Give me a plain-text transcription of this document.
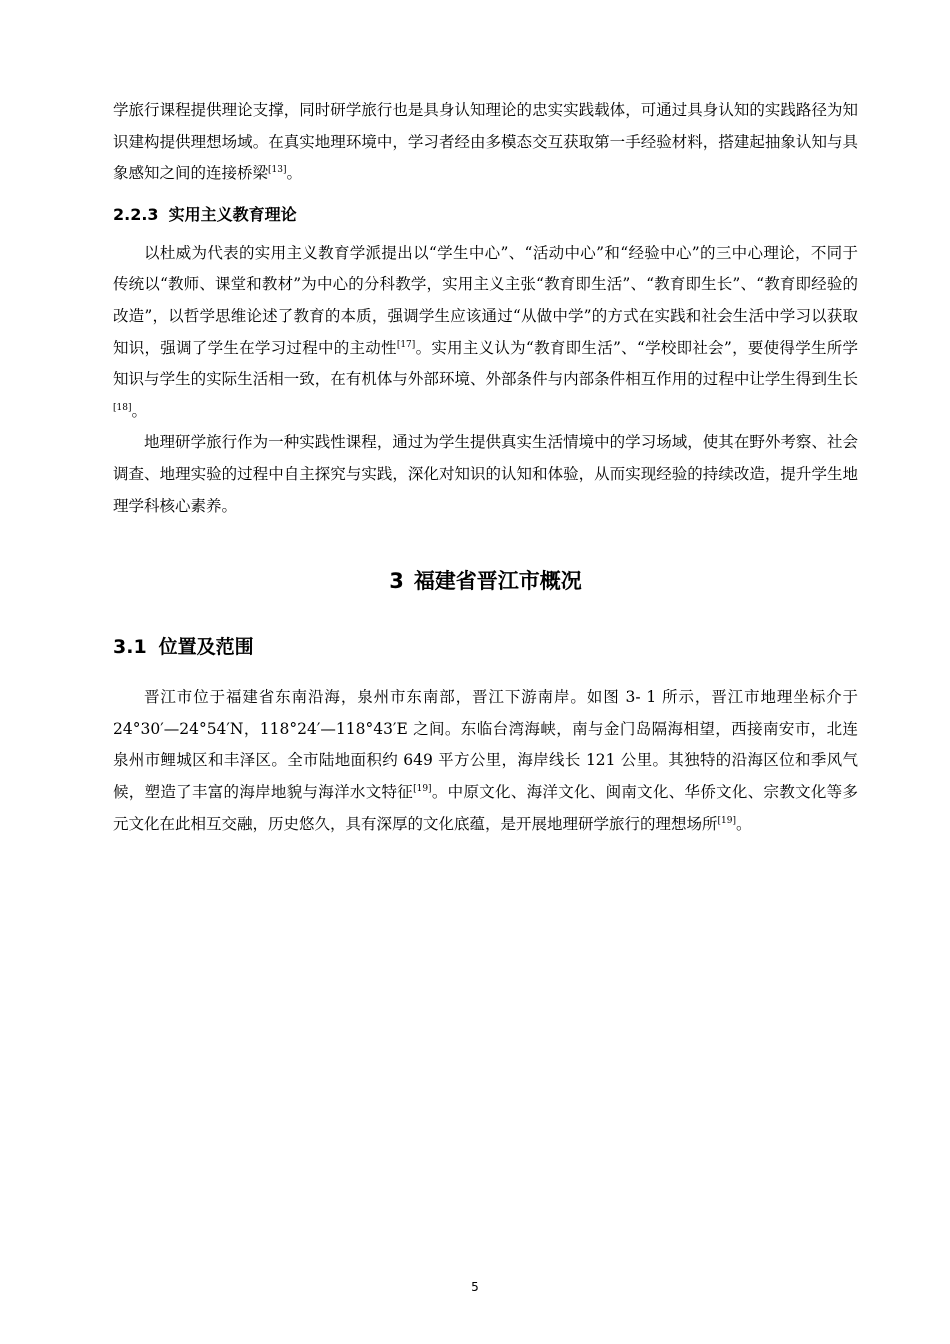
学旅行课程提供理论支撑，同时研学旅行也是具身认知理论的忠实实践载体，可通过具身认知的实践路径为知识建构提供理想场域。在真实地理环境中，学习者经由多模态交互获取第一手经验材料，搭建起抽象认知与具象感知之间的连接桥梁[13]。

2.2.3 实用主义教育理论

以杜威为代表的实用主义教育学派提出以“学生中心”、“活动中心”和“经验中心”的三中心理论，不同于传统以“教师、课堂和教材”为中心的分科教学，实用主义主张“教育即生活”、“教育即生长”、“教育即经验的改造”，以哲学思维论述了教育的本质，强调学生应该通过“从做中学”的方式在实践和社会生活中学习以获取知识，强调了学生在学习过程中的主动性[17]。实用主义认为“教育即生活”、“学校即社会”，要使得学生所学知识与学生的实际生活相一致，在有机体与外部环境、外部条件与内部条件相互作用的过程中让学生得到生长[18]。

地理研学旅行作为一种实践性课程，通过为学生提供真实生活情境中的学习场域，使其在野外考察、社会调查、地理实验的过程中自主探究与实践，深化对知识的认知和体验，从而实现经验的持续改造，提升学生地理学科核心素养。

3 福建省晋江市概况
3.1 位置及范围

晋江市位于福建省东南沿海，泉州市东南部，晋江下游南岸。如图 3- 1 所示，晋江市地理坐标介于 24°30′—24°54′N，118°24′—118°43′E 之间。东临台湾海峡，南与金门岛隔海相望，西接南安市，北连泉州市鲤城区和丰泽区。全市陆地面积约 649 平方公里，海岸线长 121 公里。其独特的沿海区位和季风气候，塑造了丰富的海岸地貌与海洋水文特征[19]。中原文化、海洋文化、闽南文化、华侨文化、宗教文化等多元文化在此相互交融，历史悠久，具有深厚的文化底蕴，是开展地理研学旅行的理想场所[19]。

5
